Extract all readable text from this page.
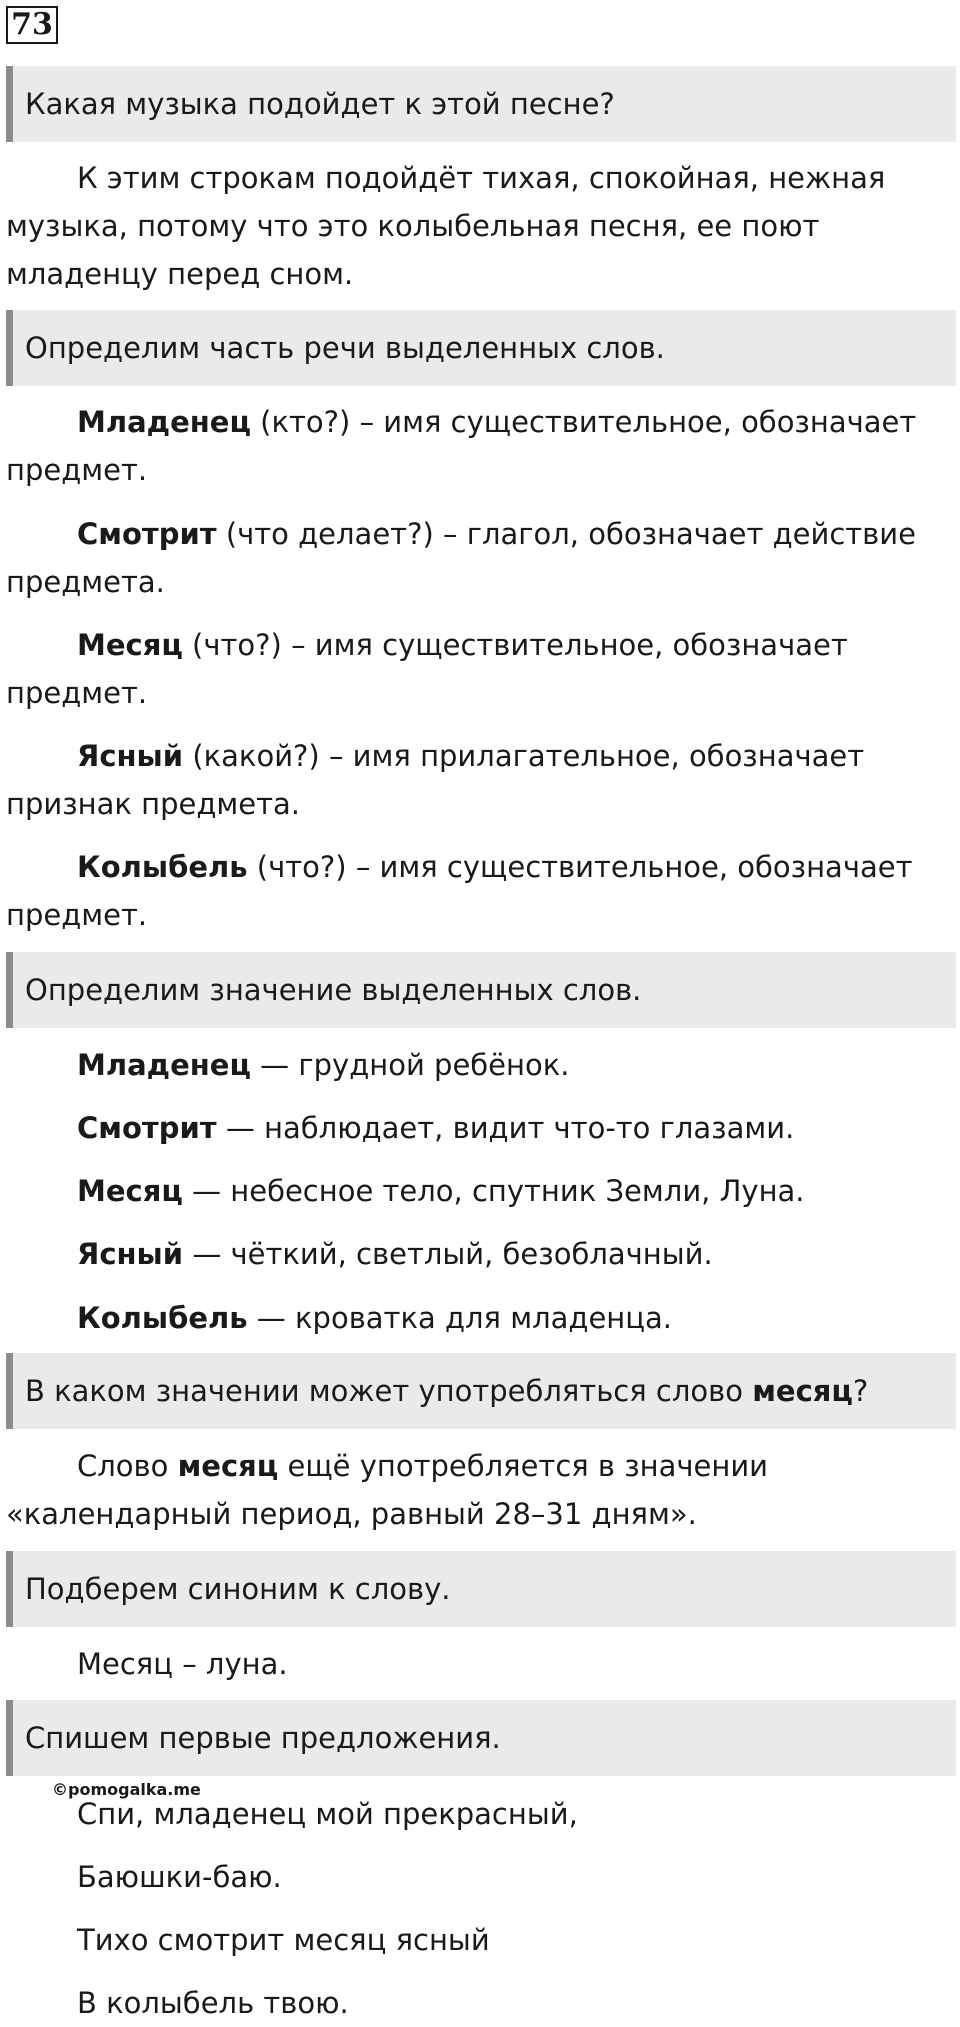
73
Какая музыка подойдет к этой песне?
К этим строкам подойдёт тихая, спокойная, нежная музыка, потому что это колыбельная песня, ее поют младенцу перед сном.
Определим часть речи выделенных слов.
Младенец (кто?) – имя существительное, обозначает предмет.
Смотрит (что делает?) – глагол, обозначает действие предмета.
Месяц (что?) – имя существительное, обозначает предмет.
Ясный (какой?) – имя прилагательное, обозначает признак предмета.
Колыбель (что?) – имя существительное, обозначает предмет.
Определим значение выделенных слов.
Младенец — грудной ребёнок.
Смотрит — наблюдает, видит что-то глазами.
Месяц — небесное тело, спутник Земли, Луна.
Ясный — чёткий, светлый, безоблачный.
Колыбель — кроватка для младенца.
В каком значении может употребляться слово месяц?
Слово месяц ещё употребляется в значении «календарный период, равный 28–31 дням».
Подберем синоним к слову.
Месяц – луна.
Спишем первые предложения.
©pomogalka.me
Спи, младенец мой прекрасный,
Баюшки-баю.
Тихо смотрит месяц ясный
В колыбель твою.
